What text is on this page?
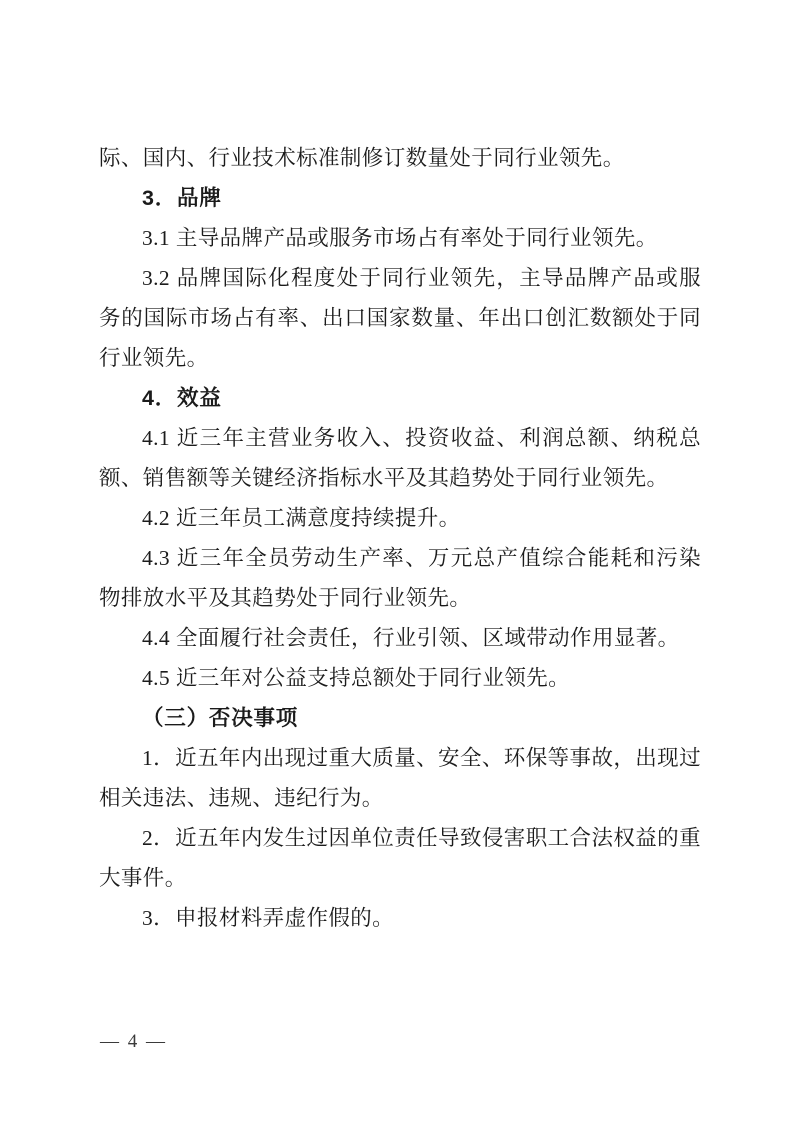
际、国内、行业技术标准制修订数量处于同行业领先。

3．品牌

3.1 主导品牌产品或服务市场占有率处于同行业领先。

3.2 品牌国际化程度处于同行业领先，主导品牌产品或服务的国际市场占有率、出口国家数量、年出口创汇数额处于同行业领先。

4．效益

4.1 近三年主营业务收入、投资收益、利润总额、纳税总额、销售额等关键经济指标水平及其趋势处于同行业领先。

4.2 近三年员工满意度持续提升。

4.3 近三年全员劳动生产率、万元总产值综合能耗和污染物排放水平及其趋势处于同行业领先。

4.4 全面履行社会责任，行业引领、区域带动作用显著。

4.5 近三年对公益支持总额处于同行业领先。

（三）否决事项

1．近五年内出现过重大质量、安全、环保等事故，出现过相关违法、违规、违纪行为。

2．近五年内发生过因单位责任导致侵害职工合法权益的重大事件。

3．申报材料弄虚作假的。

— 4 —
